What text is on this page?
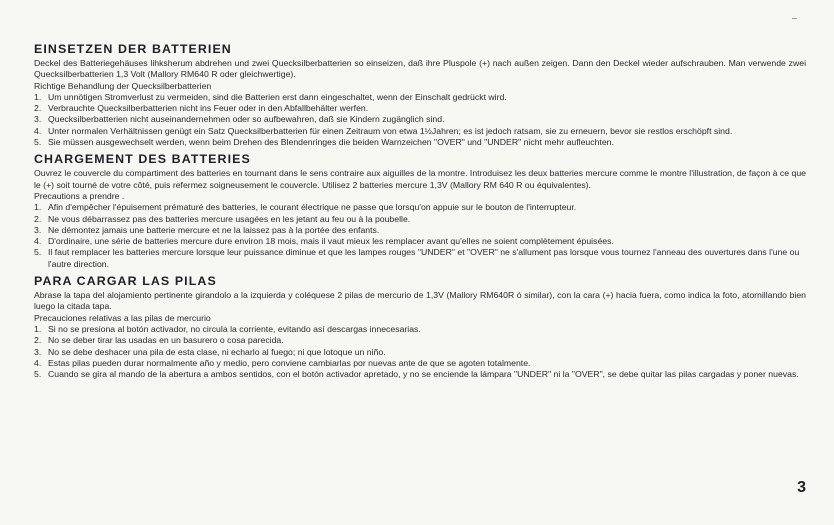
EINSETZEN DER BATTERIEN

Deckel des Batteriegehäuses lihksherum abdrehen und zwei Quecksilberbatterien so einseizen, daß ihre Pluspole (+) nach außen zeigen. Dann den Deckel wieder aufschrauben. Man verwende zwei Quecksilberbatterien 1,3 Volt (Mallory RM640 R oder gleichwertige).

Richtige Behandlung der Quecksilberbatterien
1. Um unnötigen Stromverlust zu vermeiden, sind die Batterien erst dann eingeschaltet, wenn der Einschalt gedrückt wird.
2. Verbrauchte Quecksilberbatterien nicht ins Feuer oder in den Abfallbehälter werfen.
3. Quecksilberbatterien nicht auseinandernehmen oder so aufbewahren, daß sie Kindern zugänglich sind.
4. Unter normalen Verhältnissen genügt ein Satz Quecksilberbatterien für einen Zeitraum von etwa 1½Jahren; es ist jedoch ratsam, sie zu erneuern, bevor sie restlos erschöpft sind.
5. Sie müssen ausgewechselt werden, wenn beim Drehen des Blendenringes die beiden Warnzeichen "OVER" und "UNDER" nicht mehr aufleuchten.
CHARGEMENT DES BATTERIES

Ouvrez le couvercle du compartiment des batteries en tournant dans le sens contraire aux aiguilles de la montre. Introduisez les deux batteries mercure comme le montre l'illustration, de façon à ce que le (+) soit tourné de votre côté, puis refermez soigneusement le couvercle. Utilisez 2 batteries mercure 1,3V (Mallory RM 640 R ou équivalentes).

Precautions a prendre .
1. Afin d'empêcher l'épuisement prématuré des batteries, le courant électrique ne passe que lorsqu'on appuie sur le bouton de l'interrupteur.
2. Ne vous débarrassez pas des batteries mercure usagées en les jetant au feu ou à la poubelle.
3. Ne démontez jamais une batterie mercure et ne la laissez pas à la portée des enfants.
4. D'ordinaire, une série de batteries mercure dure environ 18 mois, mais il vaut mieux les remplacer avant qu'elles ne soient complètement épuisées.
5. Il faut remplacer les batteries mercure lorsque leur puissance diminue et que les lampes rouges "UNDER" et "OVER" ne s'allument pas lorsque vous tournez l'anneau des ouvertures dans l'une ou l'autre direction.
PARA CARGAR LAS PILAS

Abrase la tapa del alojamiento pertinente girandolo a la izquierda y coléquese 2 pilas de mercurio de 1,3V (Mallory RM640R ó similar), con la cara (+) hacia fuera, como indica la foto, atornillando bien luego la citada tapa.

Precauciones relativas a las pilas de mercurio
1. Si no se presiona al botón activador, no circula la corriente, evitando así descargas innecesarias.
2. No se deber tirar las usadas en un basurero o cosa parecida.
3. No se debe deshacer una pila de esta clase, ni echarlo al fuego; ni que lotoque un niño.
4. Estas pilas pueden durar normalmente año y medio, pero conviene cambiarlas por nuevas ante de que se agoten totalmente.
5. Cuando se gira al mando de la abertura a ambos sentidos, con el botón activador apretado, y no se enciende la lámpara "UNDER" ni la "OVER", se debe quitar las pilas cargadas y poner nuevas.
3
